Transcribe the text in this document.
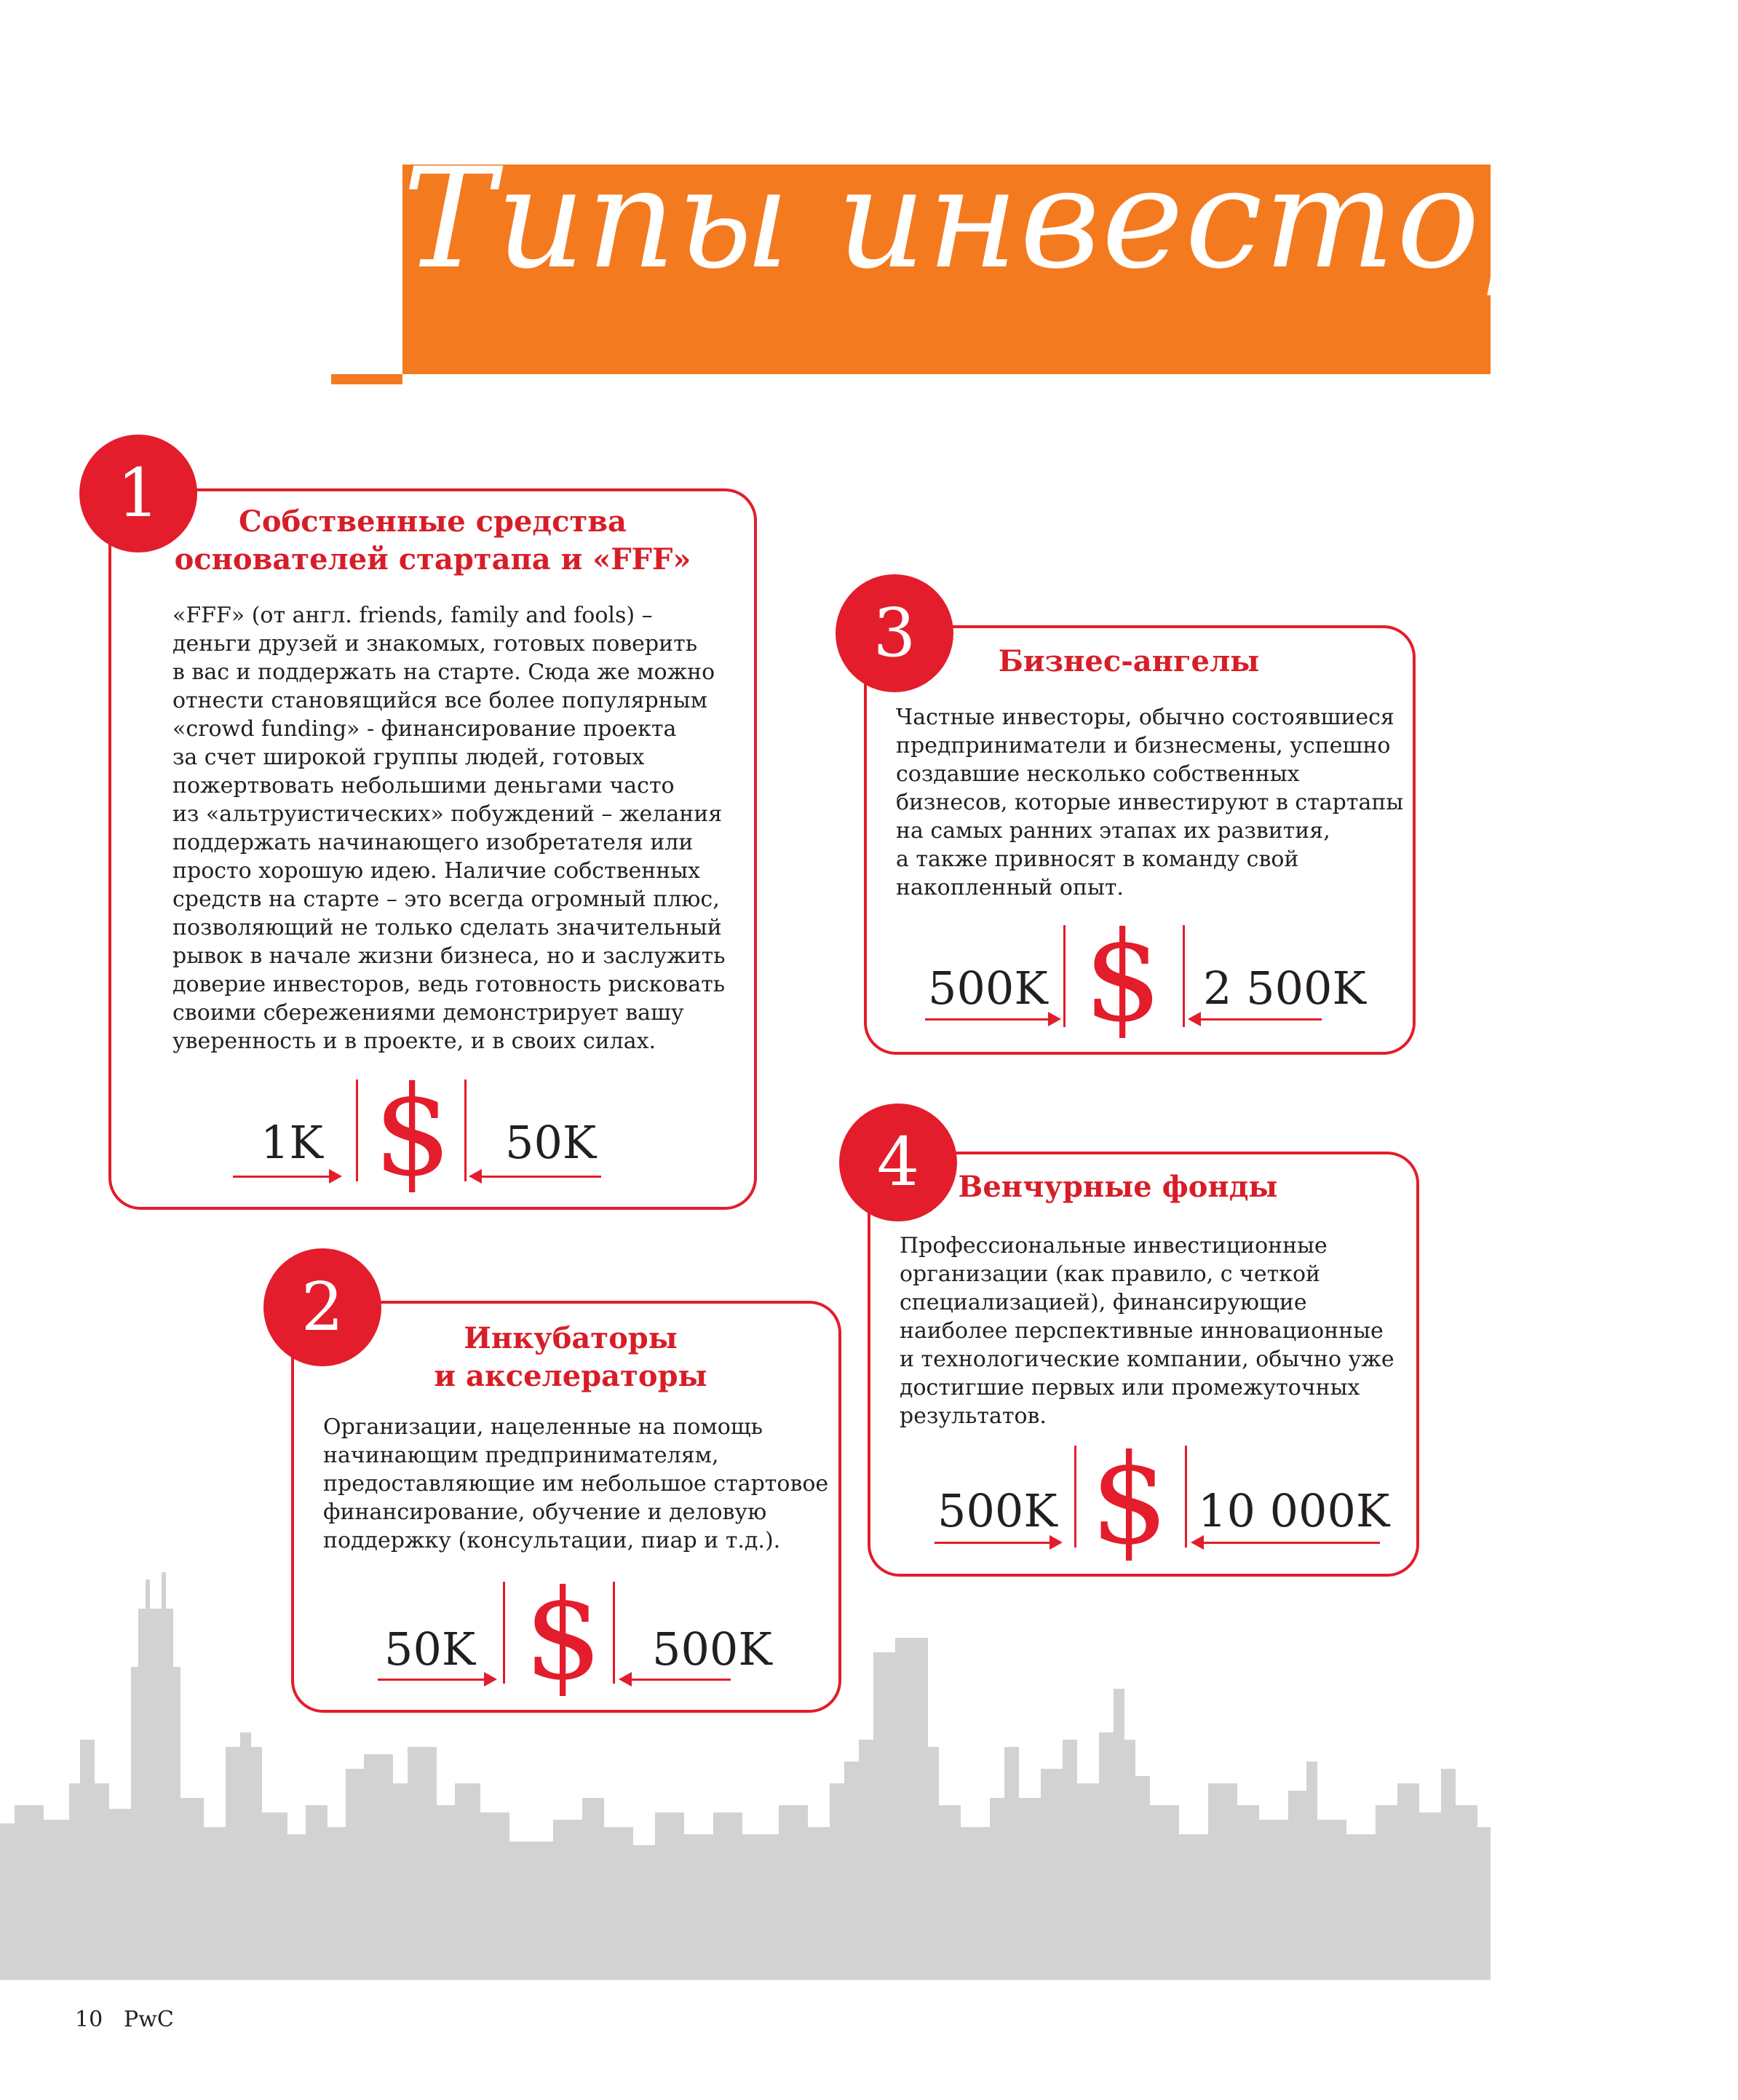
Типы инвесторов
Собственные средства
основателей стартапа и «FFF»
«FFF» (от англ. friends, family and fools) –
деньги друзей и знакомых, готовых поверить
в вас и поддержать на старте. Сюда же можно
отнести становящийся все более популярным
«crowd funding» - финансирование проекта
за счет широкой группы людей, готовых
пожертвовать небольшими деньгами часто
из «альтруистических» побуждений – желания
поддержать начинающего изобретателя или
просто хорошую идею. Наличие собственных
средств на старте – это всегда огромный плюс,
позволяющий не только сделать значительный
рывок в начале жизни бизнеса, но и заслужить
доверие инвесторов, ведь готовность рисковать
своими сбережениями демонстрирует вашу
уверенность и в проекте, и в своих силах.
1K $ 50K
1
Инкубаторы
и акселераторы
Организации, нацеленные на помощь
начинающим предпринимателям,
предоставляющие им небольшое стартовое
финансирование, обучение и деловую
поддержку (консультации, пиар и т.д.).
50K $ 500K
2
Бизнес-ангелы
Частные инвесторы, обычно состоявшиеся
предприниматели и бизнесмены, успешно
создавшие несколько собственных
бизнесов, которые инвестируют в стартапы
на самых ранних этапах их развития,
а также привносят в команду свой
накопленный опыт.
500K $ 2 500K
3
Венчурные фонды
Профессиональные инвестиционные
организации (как правило, с четкой
специализацией), финансирующие
наиболее перспективные инновационные
и технологические компании, обычно уже
достигшие первых или промежуточных
результатов.
500K $ 10 000K
4
10 PwC
